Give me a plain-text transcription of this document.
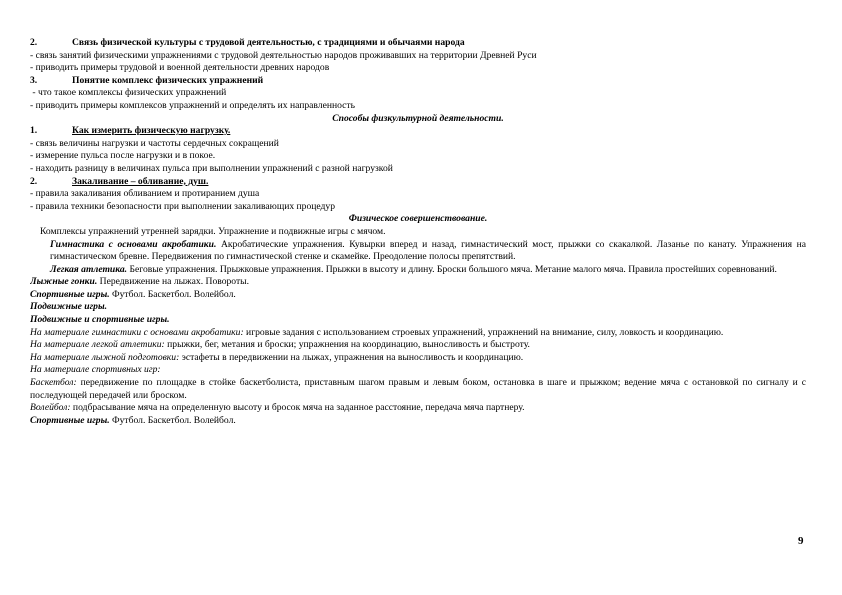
2.	Связь физической культуры с трудовой деятельностью, с традициями и обычаями народа
- связь занятий физическими упражнениями с трудовой деятельностью народов проживавших на территории Древней Руси
- приводить примеры трудовой и военной деятельности древних народов
3.	Понятие комплекс физических упражнений
- что такое комплексы физических упражнений
- приводить примеры комплексов упражнений и определять их направленность
Способы физкультурной деятельности.
1.	Как измерить физическую нагрузку.
- связь величины нагрузки и частоты сердечных сокращений
- измерение пульса после нагрузки и в покое.
- находить разницу в величинах пульса при выполнении упражнений с разной нагрузкой
2.	Закаливание – обливание, душ.
- правила закаливания обливанием и протиранием душа
- правила техники безопасности при выполнении закаливающих процедур
Физическое совершенствование.
Комплексы упражнений утренней зарядки. Упражнение и подвижные игры с мячом.
Гимнастика с основами акробатики. Акробатические упражнения. Кувырки вперед и назад, гимнастический мост, прыжки со скакалкой. Лазанье по канату. Упражнения на гимнастическом бревне. Передвижения по гимнастической стенке и скамейке. Преодоление полосы препятствий.
Легкая атлетика. Беговые упражнения. Прыжковые упражнения. Прыжки в высоту и длину. Броски большого мяча. Метание малого мяча. Правила простейших соревнований.
Лыжные гонки. Передвижение на лыжах. Повороты.
Спортивные игры. Футбол. Баскетбол. Волейбол.
Подвижные игры.
Подвижные и спортивные игры.
На материале гимнастики с основами акробатики: игровые задания с использованием строевых упражнений, упражнений на внимание, силу, ловкость и координацию.
На материале легкой атлетики: прыжки, бег, метания и броски; упражнения на координацию, выносливость и быстроту.
На материале лыжной подготовки: эстафеты в передвижении на лыжах, упражнения на выносливость и координацию.
На материале спортивных игр:
Баскетбол: передвижение по площадке в стойке баскетболиста, приставным шагом правым и левым боком, остановка в шаге и прыжком; ведение мяча с остановкой по сигналу и с последующей передачей или броском.
Волейбол: подбрасывание мяча на определенную высоту и бросок мяча на заданное расстояние, передача мяча партнеру.
Спортивные игры. Футбол. Баскетбол. Волейбол.
9
